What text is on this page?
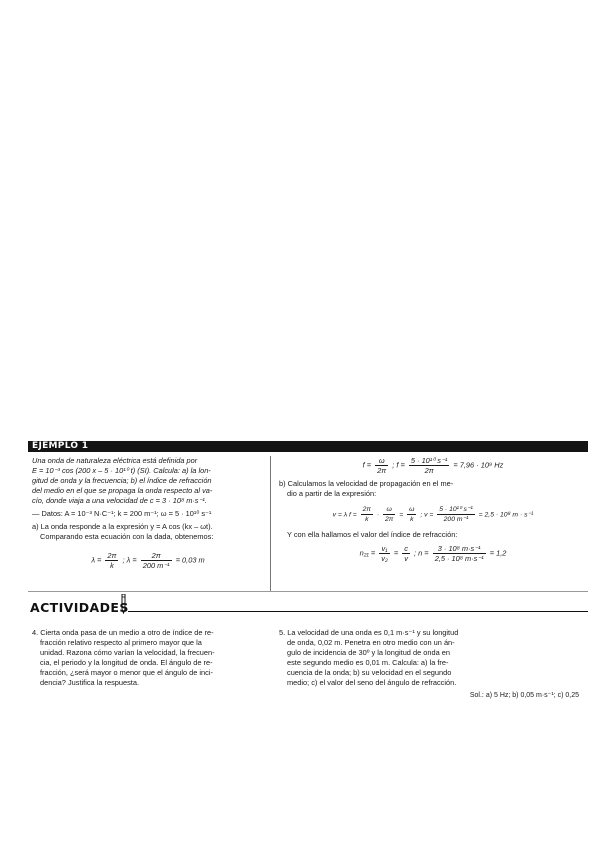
EJEMPLO 1
Una onda de naturaleza eléctrica está definida por
E = 10⁻³ cos (200 x – 5 · 10¹⁰ t) (SI). Calcula: a) la lon-
gitud de onda y la frecuencia; b) el índice de refracción
del medio en el que se propaga la onda respecto al va-
cío, donde viaja a una velocidad de c = 3 · 10⁸ m·s⁻¹.
— Datos: A = 10⁻³ N·C⁻¹; k = 200 m⁻¹; ω = 5 · 10¹⁰ s⁻¹
a) La onda responde a la expresión y = A cos (kx – ωt).
Comparando esta ecuación con la dada, obtenemos:
$\lambda = \frac{2\pi}{k}$ ; $\lambda = \frac{2\pi}{\text{200 m⁻¹}} = 0,03$ m
$f = \frac{\omega}{2\pi}$ ; $f = \frac{\text{5 · 10¹⁰ s⁻¹}}{2\pi} = 7,96 \cdot 10^9$ Hz
b) Calculamos la velocidad de propagación en el me-
dio a partir de la expresión:
v = λ $f = \frac{2\pi}{k} \cdot \frac{\omega}{2\pi} = \frac{\omega}{k}$ ; $v = \frac{\text{5 · 10¹⁰ s⁻¹}}{\text{200 m⁻¹}} = 2,5 \cdot 10^8$ m · s⁻¹
Y con ella hallamos el valor del índice de refracción:
$n_{21} = \frac{\text{v₁}}{\text{v₂}} = \frac{c}{v}$ ; $n = \frac{\text{3 · 10⁸ m·s⁻¹}}{\text{2,5 · 10⁸ m·s⁻¹}} = 1,2$
ACTIVIDADES
4. Cierta onda pasa de un medio a otro de índice de re-
fracción relativo respecto al primero mayor que la
unidad. Razona cómo varían la velocidad, la frecuen-
cia, el periodo y la longitud de onda. El ángulo de re-
fracción, ¿será mayor o menor que el ángulo de inci-
dencia? Justifica la respuesta.
5. La velocidad de una onda es 0,1 m·s⁻¹ y su longitud
de onda, 0,02 m. Penetra en otro medio con un án-
gulo de incidencia de 30º y la longitud de onda en
este segundo medio es 0,01 m. Calcula: a) la fre-
cuencia de la onda; b) su velocidad en el segundo
medio; c) el valor del seno del ángulo de refracción.
Sol.: a) 5 Hz; b) 0,05 m·s⁻¹; c) 0,25
